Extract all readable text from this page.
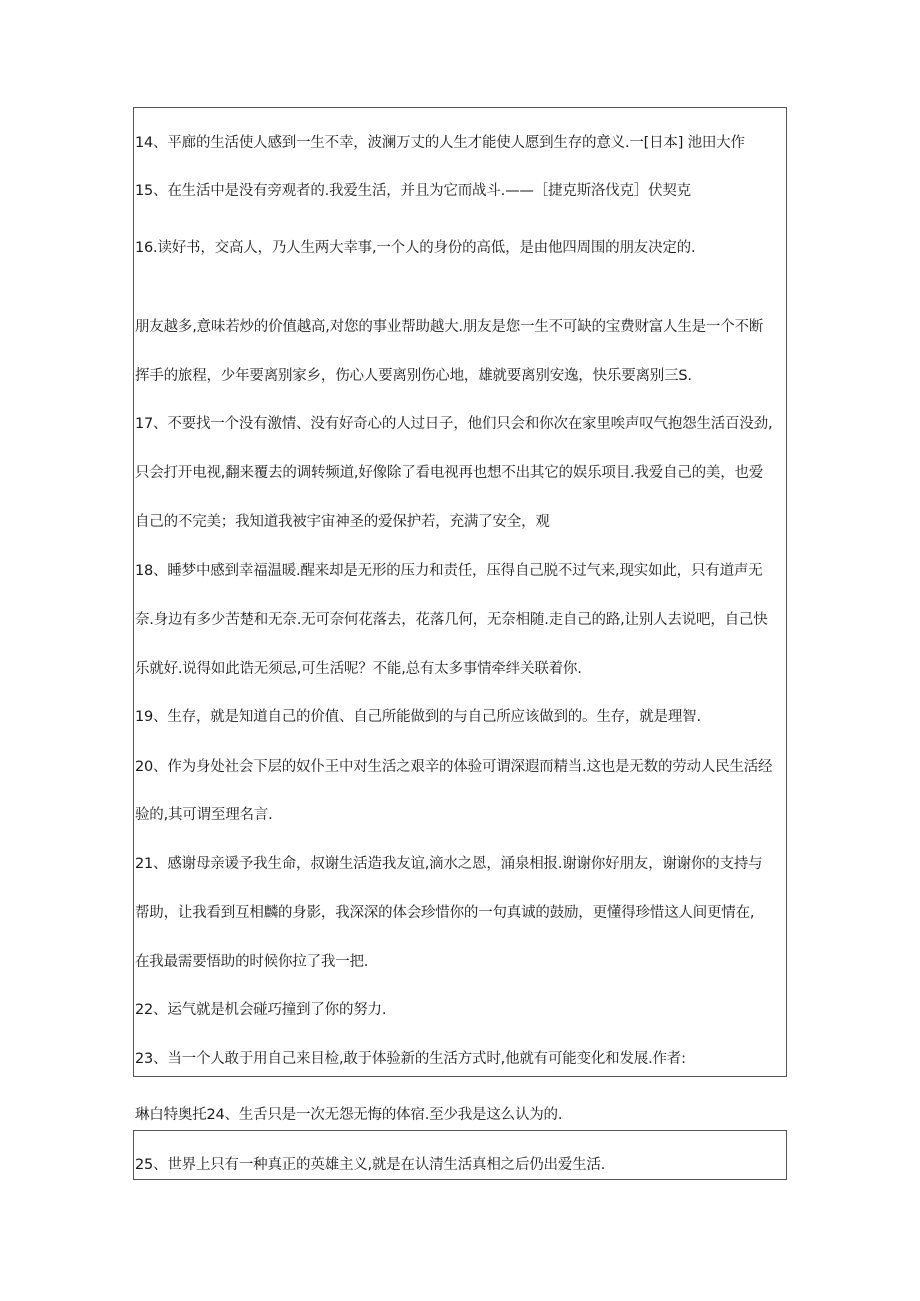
14、平廊的生活使人感到一生不幸，波澜万丈的人生才能使人愿到生存的意义.一[日本] 池田大作
15、在生活中是没有旁观者的.我爱生活，并且为它而战斗.——［捷克斯洛伐克］伏契克
16.读好书，交高人，乃人生两大幸事,一个人的身份的高低，是由他四周围的朋友决定的.
朋友越多,意味若炒的价值越高,对您的事业帮助越大.朋友是您一生不可缺的宝费财富人生是一个不断
挥手的旅程，少年要离别家乡，伤心人要离别伤心地，雄就要离别安逸，快乐要离别三S.
17、不要找一个没有激情、没有好奇心的人过日子，他们只会和你次在家里唉声叹气抱怨生活百没劲,
只会打开电视,翻来覆去的调转频道,好像除了看电视再也想不出其它的娱乐项目.我爱自己的美，也爱
自己的不完美；我知道我被宇宙神圣的爱保护若，充满了安全，观
18、睡梦中感到幸福温暖.醒来却是无形的压力和责任，压得自己脱不过气来,现实如此，只有道声无
奈.身边有多少苦楚和无奈.无可奈何花落去，花落几何，无奈相随.走自己的路,让别人去说吧，自己快
乐就好.说得如此诰无须忌,可生活呢？不能,总有太多事情牵绊关联着你.
19、生存，就是知道自己的价值、自己所能做到的与自己所应该做到的。生存，就是理智.
20、作为身处社会下层的奴仆王中对生活之艰辛的体验可谓深遐而精当.这也是无数的劳动人民生活经
验的,其可谓至理名言.
21、感谢母亲谖予我生命，叔谢生活造我友谊,滴水之恩，涌泉相报.谢谢你好朋友，谢谢你的支持与
帮助，让我看到互相麟的身影，我深深的体会珍惜你的一句真诚的鼓励，更懂得珍惜这人间更情在,
在我最需要悟助的时候你拉了我一把.
22、运气就是机会碰巧撞到了你的努力.
23、当一个人敢于用自己来目检,敢于体验新的生活方式时,他就有可能变化和发展.作者:
琳白特奥托24、生舌只是一次无怨无悔的体宿.至少我是这么认为的.
25、世界上只有一种真正的英雄主义,就是在认清生活真相之后仍出爱生活.
